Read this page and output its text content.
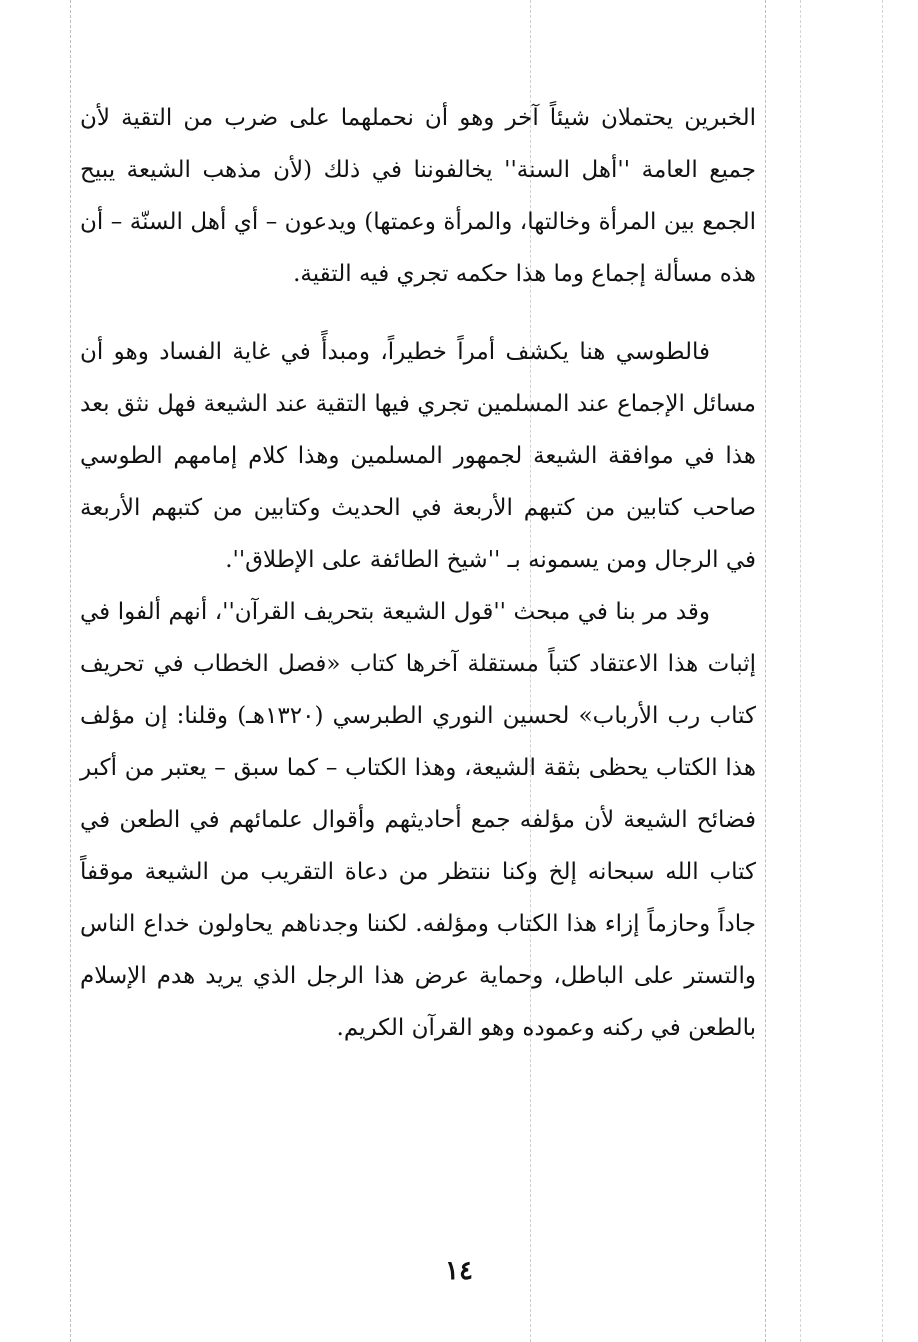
الخبرين يحتملان شيئاً آخر وهو أن نحملهما على ضرب من التقية لأن جميع العامة ''أهل السنة'' يخالفوننا في ذلك (لأن مذهب الشيعة يبيح الجمع بين المرأة وخالتها، والمرأة وعمتها) ويدعون – أي أهل السنّة – أن هذه مسألة إجماع وما هذا حكمه تجري فيه التقية.

فالطوسي هنا يكشف أمراً خطيراً، ومبدأً في غاية الفساد وهو أن مسائل الإجماع عند المسلمين تجري فيها التقية عند الشيعة فهل نثق بعد هذا في موافقة الشيعة لجمهور المسلمين وهذا كلام إمامهم الطوسي صاحب كتابين من كتبهم الأربعة في الحديث وكتابين من كتبهم الأربعة في الرجال ومن يسمونه بـ ''شيخ الطائفة على الإطلاق''.

وقد مر بنا في مبحث ''قول الشيعة بتحريف القرآن''، أنهم ألفوا في إثبات هذا الاعتقاد كتباً مستقلة آخرها كتاب «فصل الخطاب في تحريف كتاب رب الأرباب» لحسين النوري الطبرسي (١٣٢٠هـ) وقلنا: إن مؤلف هذا الكتاب يحظى بثقة الشيعة، وهذا الكتاب – كما سبق – يعتبر من أكبر فضائح الشيعة لأن مؤلفه جمع أحاديثهم وأقوال علمائهم في الطعن في كتاب الله سبحانه إلخ وكنا ننتظر من دعاة التقريب من الشيعة موقفاً جاداً وحازماً إزاء هذا الكتاب ومؤلفه. لكننا وجدناهم يحاولون خداع الناس والتستر على الباطل، وحماية عرض هذا الرجل الذي يريد هدم الإسلام بالطعن في ركنه وعموده وهو القرآن الكريم.

١٤
